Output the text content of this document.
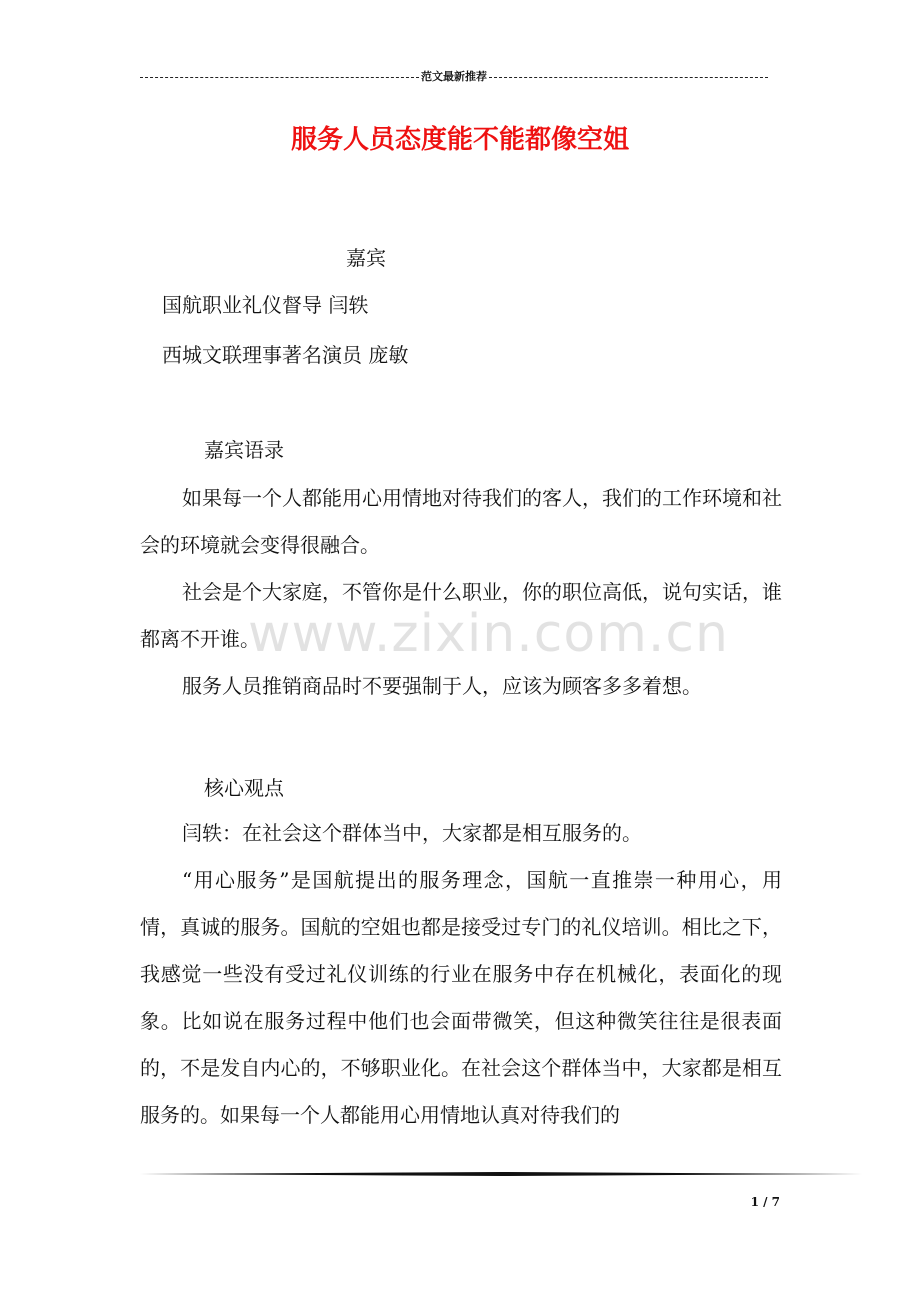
范文最新推荐
服务人员态度能不能都像空姐
嘉宾
国航职业礼仪督导 闫轶
西城文联理事著名演员 庞敏
嘉宾语录

如果每一个人都能用心用情地对待我们的客人，我们的工作环境和社会的环境就会变得很融合。

社会是个大家庭，不管你是什么职业，你的职位高低，说句实话，谁都离不开谁。

服务人员推销商品时不要强制于人，应该为顾客多多着想。

核心观点

闫轶：在社会这个群体当中，大家都是相互服务的。

“用心服务”是国航提出的服务理念，国航一直推崇一种用心，用情，真诚的服务。国航的空姐也都是接受过专门的礼仪培训。相比之下，我感觉一些没有受过礼仪训练的行业在服务中存在机械化，表面化的现象。比如说在服务过程中他们也会面带微笑，但这种微笑往往是很表面的，不是发自内心的，不够职业化。在社会这个群体当中，大家都是相互服务的。如果每一个人都能用心用情地认真对待我们的

www.zixin.com.cn
1 / 7
